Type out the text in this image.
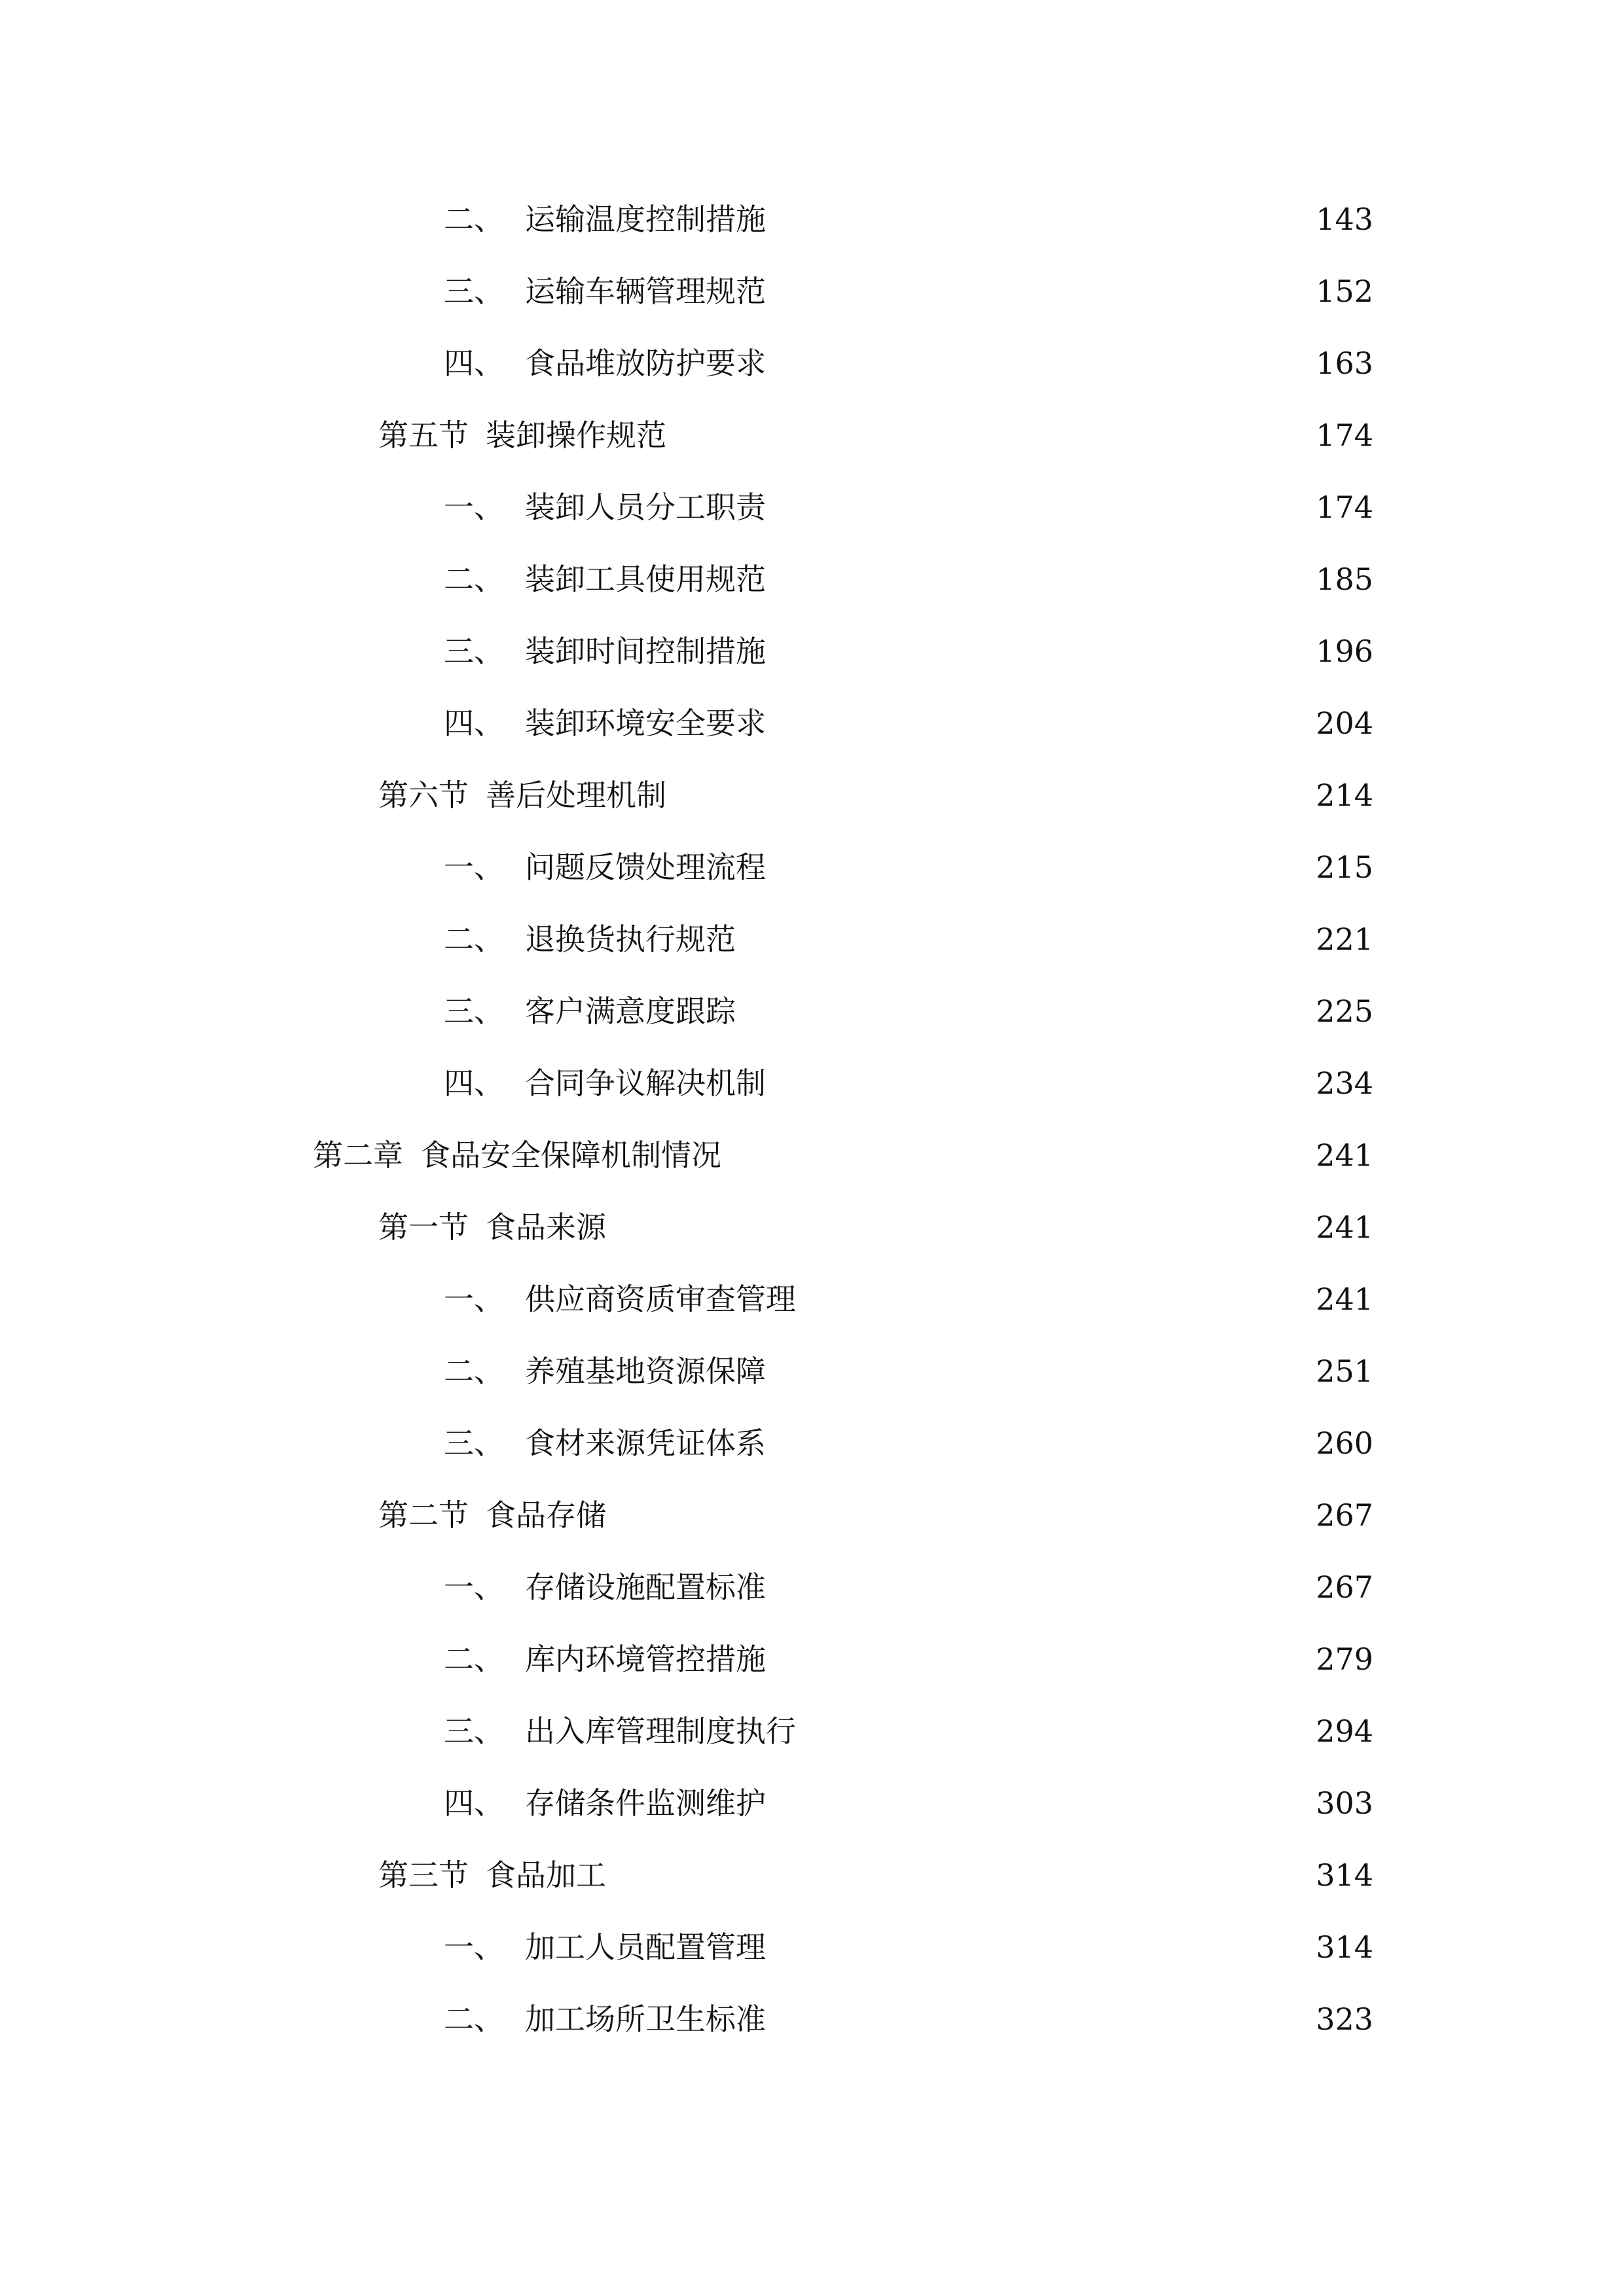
二、 运输温度控制措施	143
三、 运输车辆管理规范	152
四、 食品堆放防护要求	163
第五节 装卸操作规范	174
一、 装卸人员分工职责	174
二、 装卸工具使用规范	185
三、 装卸时间控制措施	196
四、 装卸环境安全要求	204
第六节 善后处理机制	214
一、 问题反馈处理流程	215
二、 退换货执行规范	221
三、 客户满意度跟踪	225
四、 合同争议解决机制	234
第二章 食品安全保障机制情况	241
第一节 食品来源	241
一、 供应商资质审查管理	241
二、 养殖基地资源保障	251
三、 食材来源凭证体系	260
第二节 食品存储	267
一、 存储设施配置标准	267
二、 库内环境管控措施	279
三、 出入库管理制度执行	294
四、 存储条件监测维护	303
第三节 食品加工	314
一、 加工人员配置管理	314
二、 加工场所卫生标准	323
